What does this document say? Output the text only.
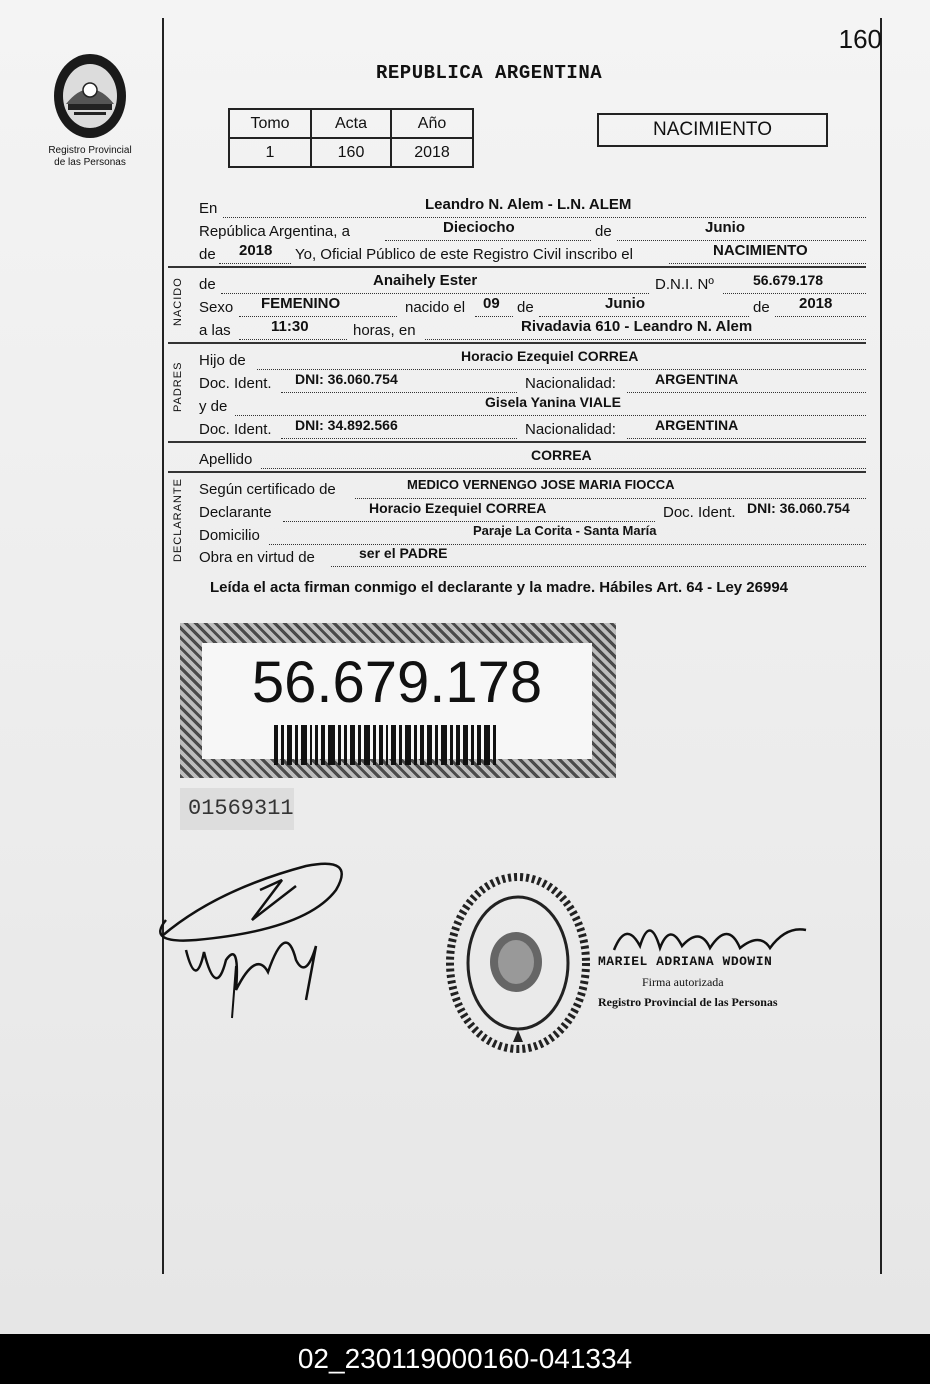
160
Registro Provincial
de las Personas
REPUBLICA ARGENTINA
Tomo	Acta	Año
1	160	2018
NACIMIENTO
En	Leandro N. Alem - L.N. ALEM
República Argentina, a	Dieciocho	de	Junio
de 2018 Yo, Oficial Público de este Registro Civil inscribo el	NACIMIENTO
NACIDO de	Anaihely Ester	D.N.I. Nº	56.679.178
Sexo FEMENINO	nacido el 09 de	Junio	de 2018
a las	11:30	horas, en	Rivadavia 610 - Leandro N. Alem
PADRES
Hijo de	Horacio Ezequiel CORREA
Doc. Ident. DNI: 36.060.754	Nacionalidad:	ARGENTINA
y de	Gisela Yanina VIALE
Doc. Ident. DNI: 34.892.566	Nacionalidad:	ARGENTINA
Apellido	CORREA
DECLARANTE Según certificado de	MEDICO VERNENGO JOSE MARIA FIOCCA
Declarante	Horacio Ezequiel CORREA	Doc. Ident. DNI: 36.060.754
Domicilio	Paraje La Corita - Santa María
Obra en virtud de	ser el PADRE
Leída el acta firman conmigo el declarante y la madre. Hábiles Art. 64 - Ley 26994
56.679.178
01569311
MARIEL ADRIANA WDOWIN
Firma autorizada
Registro Provincial de las Personas
02_230119000160-041334
